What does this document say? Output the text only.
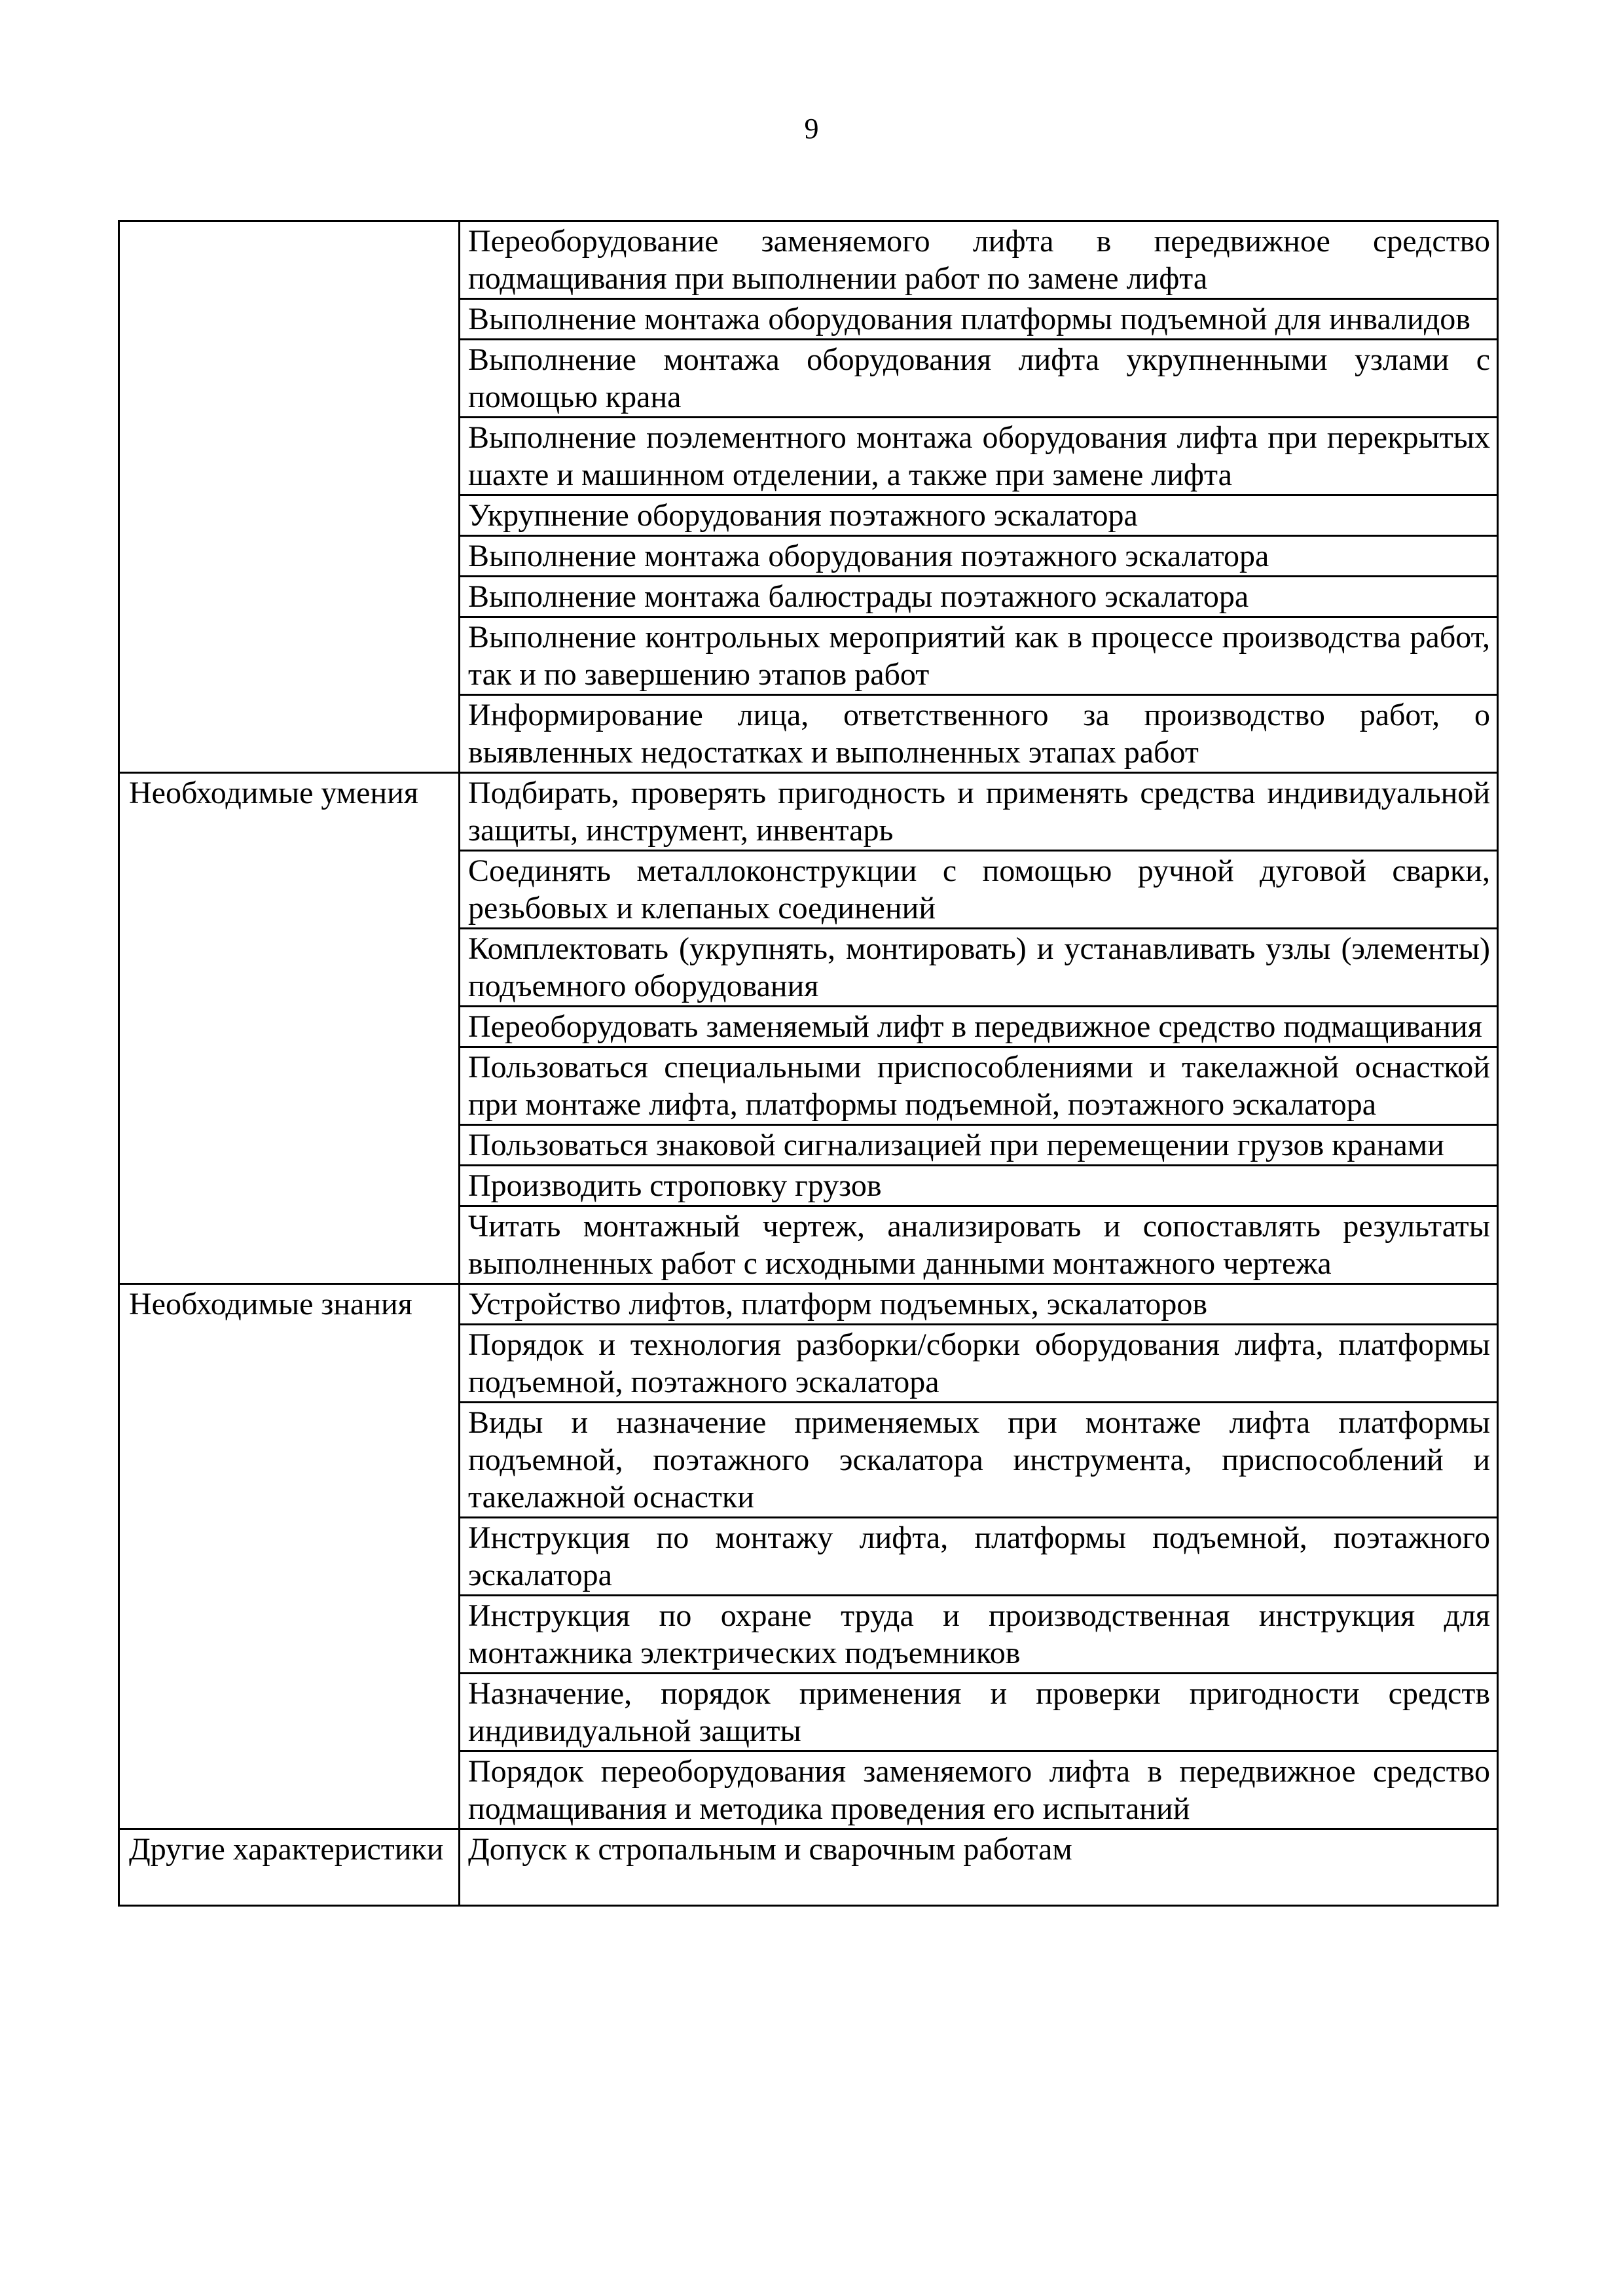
9
	Переоборудование заменяемого лифта в передвижное средство подмащивания при выполнении работ по замене лифта
	Выполнение монтажа оборудования платформы подъемной для инвалидов
	Выполнение монтажа оборудования лифта укрупненными узлами с помощью крана
	Выполнение поэлементного монтажа оборудования лифта при перекрытых шахте и машинном отделении, а также при замене лифта
	Укрупнение оборудования поэтажного эскалатора
	Выполнение монтажа оборудования поэтажного эскалатора
	Выполнение монтажа балюстрады поэтажного эскалатора
	Выполнение контрольных мероприятий как в процессе производства работ, так и по завершению этапов работ
	Информирование лица, ответственного за производство работ, о выявленных недостатках и выполненных этапах работ
Необходимые умения	Подбирать, проверять пригодность и применять средства индивидуальной защиты, инструмент, инвентарь
	Соединять металлоконструкции с помощью ручной дуговой сварки, резьбовых и клепаных соединений
	Комплектовать (укрупнять, монтировать) и устанавливать узлы (элементы) подъемного оборудования
	Переоборудовать заменяемый лифт в передвижное средство подмащивания
	Пользоваться специальными приспособлениями и такелажной оснасткой при монтаже лифта, платформы подъемной, поэтажного эскалатора
	Пользоваться знаковой сигнализацией при перемещении грузов кранами
	Производить строповку грузов
	Читать монтажный чертеж, анализировать и сопоставлять результаты выполненных работ с исходными данными монтажного чертежа
Необходимые знания	Устройство лифтов, платформ подъемных, эскалаторов
	Порядок и технология разборки/сборки оборудования лифта, платформы подъемной, поэтажного эскалатора
	Виды и назначение применяемых при монтаже лифта платформы подъемной, поэтажного эскалатора инструмента, приспособлений и такелажной оснастки
	Инструкция по монтажу лифта, платформы подъемной, поэтажного эскалатора
	Инструкция по охране труда и производственная инструкция для монтажника электрических подъемников
	Назначение, порядок применения и проверки пригодности средств индивидуальной защиты
	Порядок переоборудования заменяемого лифта в передвижное средство подмащивания и методика проведения его испытаний
Другие характеристики	Допуск к стропальным и сварочным работам
